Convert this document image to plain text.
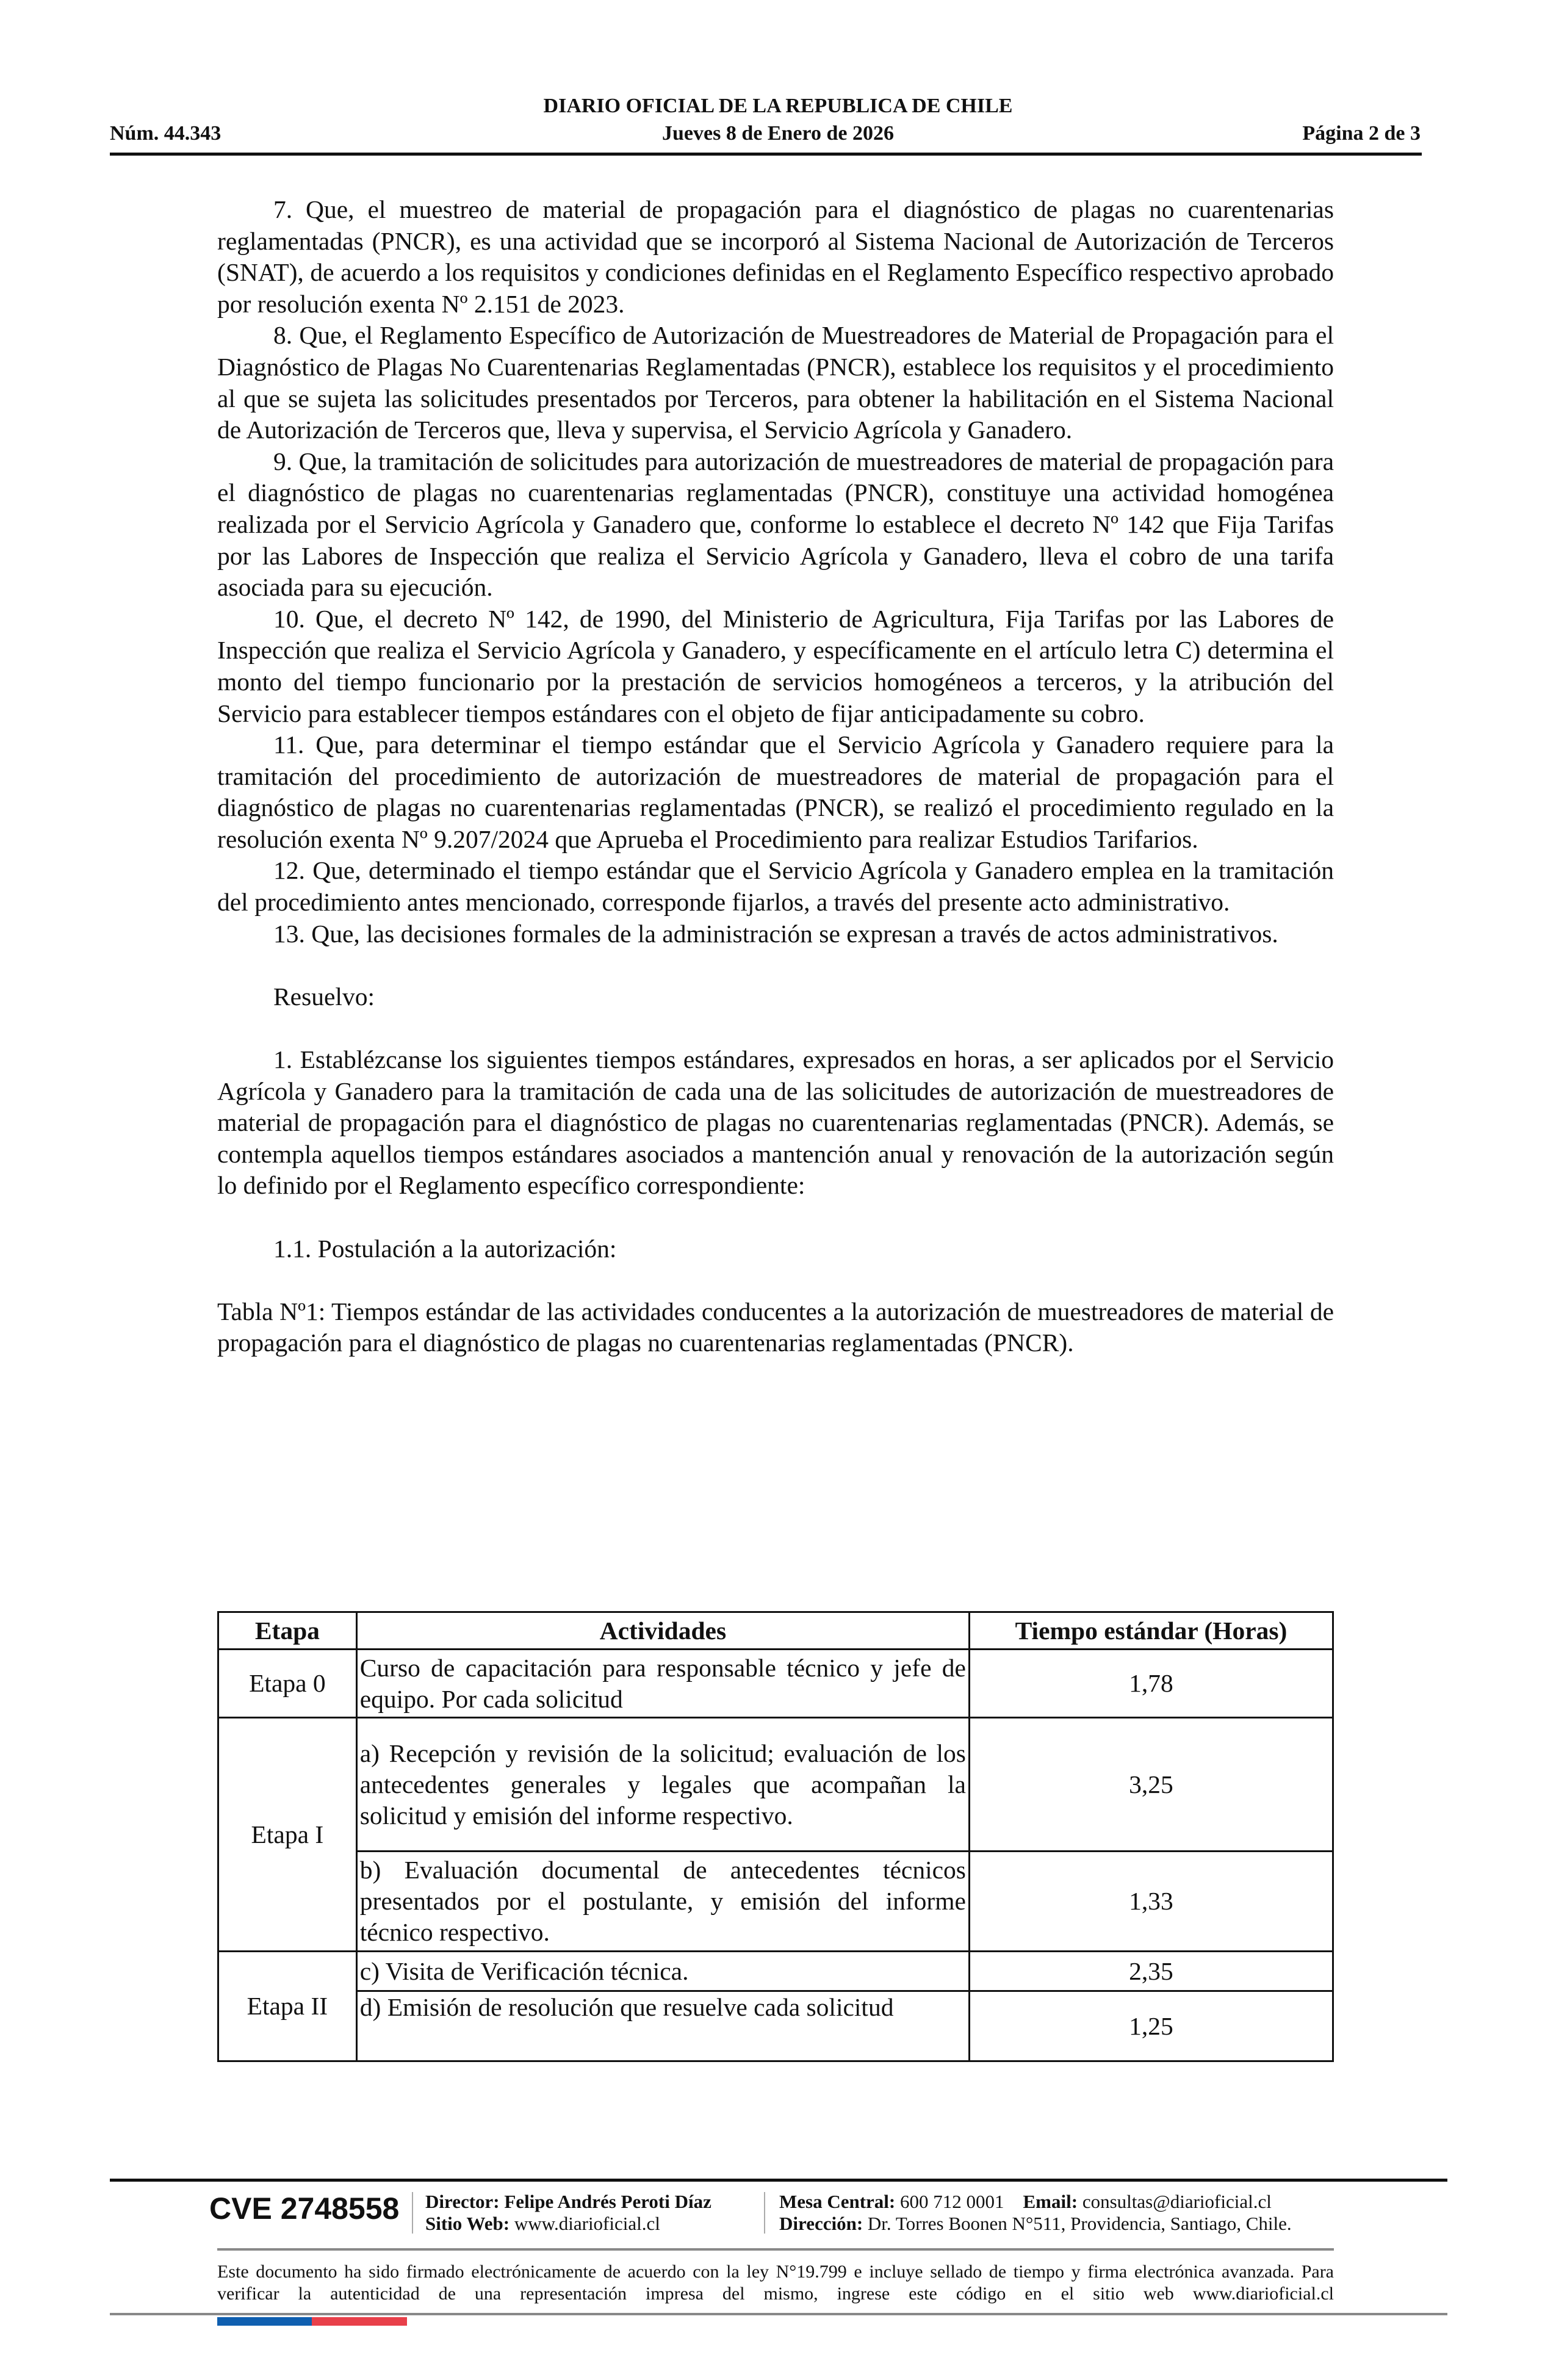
DIARIO OFICIAL DE LA REPUBLICA DE CHILE
Núm. 44.343	Jueves 8 de Enero de 2026	Página 2 de 3

7. Que, el muestreo de material de propagación para el diagnóstico de plagas no cuarentenarias reglamentadas (PNCR), es una actividad que se incorporó al Sistema Nacional de Autorización de Terceros (SNAT), de acuerdo a los requisitos y condiciones definidas en el Reglamento Específico respectivo aprobado por resolución exenta Nº 2.151 de 2023.

8. Que, el Reglamento Específico de Autorización de Muestreadores de Material de Propagación para el Diagnóstico de Plagas No Cuarentenarias Reglamentadas (PNCR), establece los requisitos y el procedimiento al que se sujeta las solicitudes presentados por Terceros, para obtener la habilitación en el Sistema Nacional de Autorización de Terceros que, lleva y supervisa, el Servicio Agrícola y Ganadero.

9. Que, la tramitación de solicitudes para autorización de muestreadores de material de propagación para el diagnóstico de plagas no cuarentenarias reglamentadas (PNCR), constituye una actividad homogénea realizada por el Servicio Agrícola y Ganadero que, conforme lo establece el decreto Nº 142 que Fija Tarifas por las Labores de Inspección que realiza el Servicio Agrícola y Ganadero, lleva el cobro de una tarifa asociada para su ejecución.

10. Que, el decreto Nº 142, de 1990, del Ministerio de Agricultura, Fija Tarifas por las Labores de Inspección que realiza el Servicio Agrícola y Ganadero, y específicamente en el artículo letra C) determina el monto del tiempo funcionario por la prestación de servicios homogéneos a terceros, y la atribución del Servicio para establecer tiempos estándares con el objeto de fijar anticipadamente su cobro.

11. Que, para determinar el tiempo estándar que el Servicio Agrícola y Ganadero requiere para la tramitación del procedimiento de autorización de muestreadores de material de propagación para el diagnóstico de plagas no cuarentenarias reglamentadas (PNCR), se realizó el procedimiento regulado en la resolución exenta Nº 9.207/2024 que Aprueba el Procedimiento para realizar Estudios Tarifarios.

12. Que, determinado el tiempo estándar que el Servicio Agrícola y Ganadero emplea en la tramitación del procedimiento antes mencionado, corresponde fijarlos, a través del presente acto administrativo.

13. Que, las decisiones formales de la administración se expresan a través de actos administrativos.

Resuelvo:

1. Establézcanse los siguientes tiempos estándares, expresados en horas, a ser aplicados por el Servicio Agrícola y Ganadero para la tramitación de cada una de las solicitudes de autorización de muestreadores de material de propagación para el diagnóstico de plagas no cuarentenarias reglamentadas (PNCR). Además, se contempla aquellos tiempos estándares asociados a mantención anual y renovación de la autorización según lo definido por el Reglamento específico correspondiente:

1.1. Postulación a la autorización:

Tabla Nº1: Tiempos estándar de las actividades conducentes a la autorización de muestreadores de material de propagación para el diagnóstico de plagas no cuarentenarias reglamentadas (PNCR).

Etapa	Actividades	Tiempo estándar (Horas)
Etapa 0	Curso de capacitación para responsable técnico y jefe de equipo. Por cada solicitud	1,78
Etapa I	a) Recepción y revisión de la solicitud; evaluación de los antecedentes generales y legales que acompañan la solicitud y emisión del informe respectivo.	3,25
	b) Evaluación documental de antecedentes técnicos presentados por el postulante, y emisión del informe técnico respectivo.	1,33
Etapa II	c) Visita de Verificación técnica.	2,35
	d) Emisión de resolución que resuelve cada solicitud	1,25
CVE 2748558 Director: Felipe Andrés Peroti Díaz
Sitio Web: www.diarioficial.cl
Mesa Central: 600 712 0001 Email: consultas@diarioficial.cl
Dirección: Dr. Torres Boonen N°511, Providencia, Santiago, Chile.
Este documento ha sido firmado electrónicamente de acuerdo con la ley N°19.799 e incluye sellado de tiempo y firma electrónica avanzada. Para verificar la autenticidad de una representación impresa del mismo, ingrese este código en el sitio web www.diarioficial.cl
